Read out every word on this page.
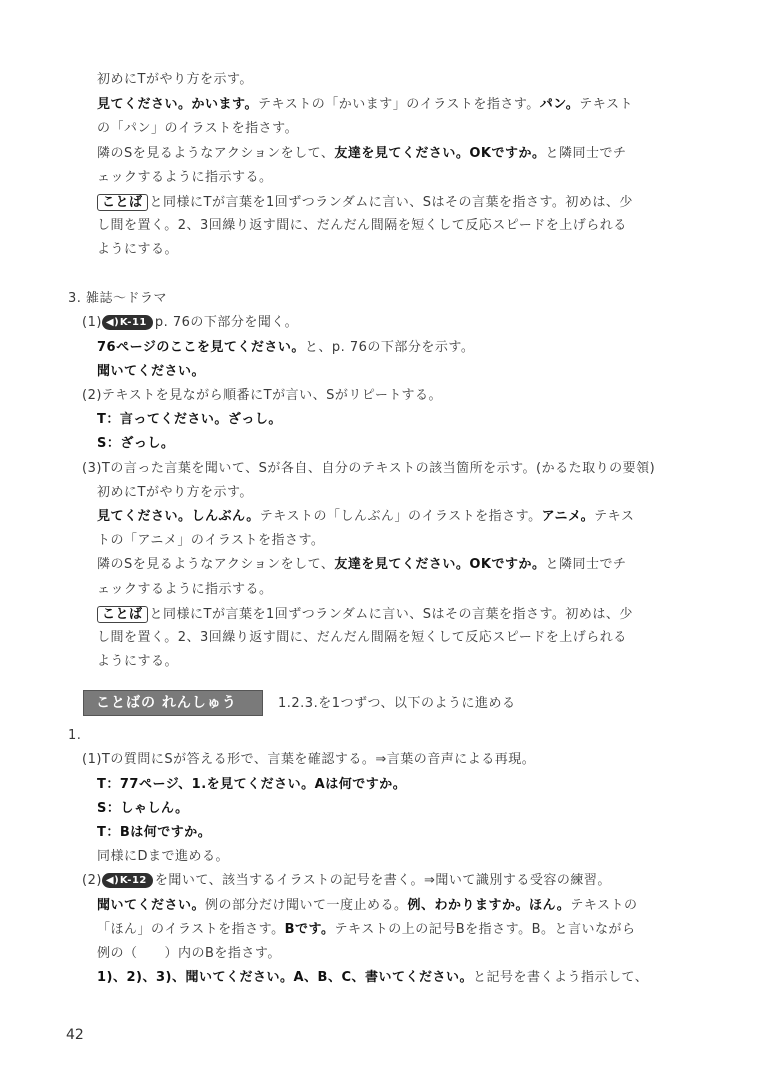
初めにTがやり方を示す。
見てください。かいます。テキストの「かいます」のイラストを指さす。パン。テキスト
の「パン」のイラストを指さす。
隣のSを見るようなアクションをして、友達を見てください。OKですか。と隣同士でチ
ェックするように指示する。
ことば と同様にTが言葉を1回ずつランダムに言い、Sはその言葉を指さす。初めは、少
し間を置く。2、3回繰り返す間に、だんだん間隔を短くして反応スピードを上げられる
ようにする。
3. 雑誌〜ドラマ
(1) ◀)K-11 p. 76の下部分を聞く。
76ページのここを見てください。と、p. 76の下部分を示す。
聞いてください。
(2)テキストを見ながら順番にTが言い、Sがリピートする。
T：言ってください。ざっし。
S：ざっし。
(3)Tの言った言葉を聞いて、Sが各自、自分のテキストの該当箇所を示す。(かるた取りの要領)
初めにTがやり方を示す。
見てください。しんぶん。テキストの「しんぶん」のイラストを指さす。アニメ。テキス
トの「アニメ」のイラストを指さす。
隣のSを見るようなアクションをして、友達を見てください。OKですか。と隣同士でチ
ェックするように指示する。
ことば と同様にTが言葉を1回ずつランダムに言い、Sはその言葉を指さす。初めは、少
し間を置く。2、3回繰り返す間に、だんだん間隔を短くして反応スピードを上げられる
ようにする。
ことばの れんしゅう	1.2.3.を1つずつ、以下のように進める
1.
(1)Tの質問にSが答える形で、言葉を確認する。⇒言葉の音声による再現。
T：77ページ、1.を見てください。Aは何ですか。
S：しゃしん。
T：Bは何ですか。
同様にDまで進める。
(2) ◀)K-12 を聞いて、該当するイラストの記号を書く。⇒聞いて識別する受容の練習。
聞いてください。例の部分だけ聞いて一度止める。例、わかりますか。ほん。テキストの
「ほん」のイラストを指さす。Bです。テキストの上の記号Bを指さす。B。と言いながら
例の（　　）内のBを指さす。
1)、2)、3)、聞いてください。A、B、C、書いてください。と記号を書くよう指示して、
42
